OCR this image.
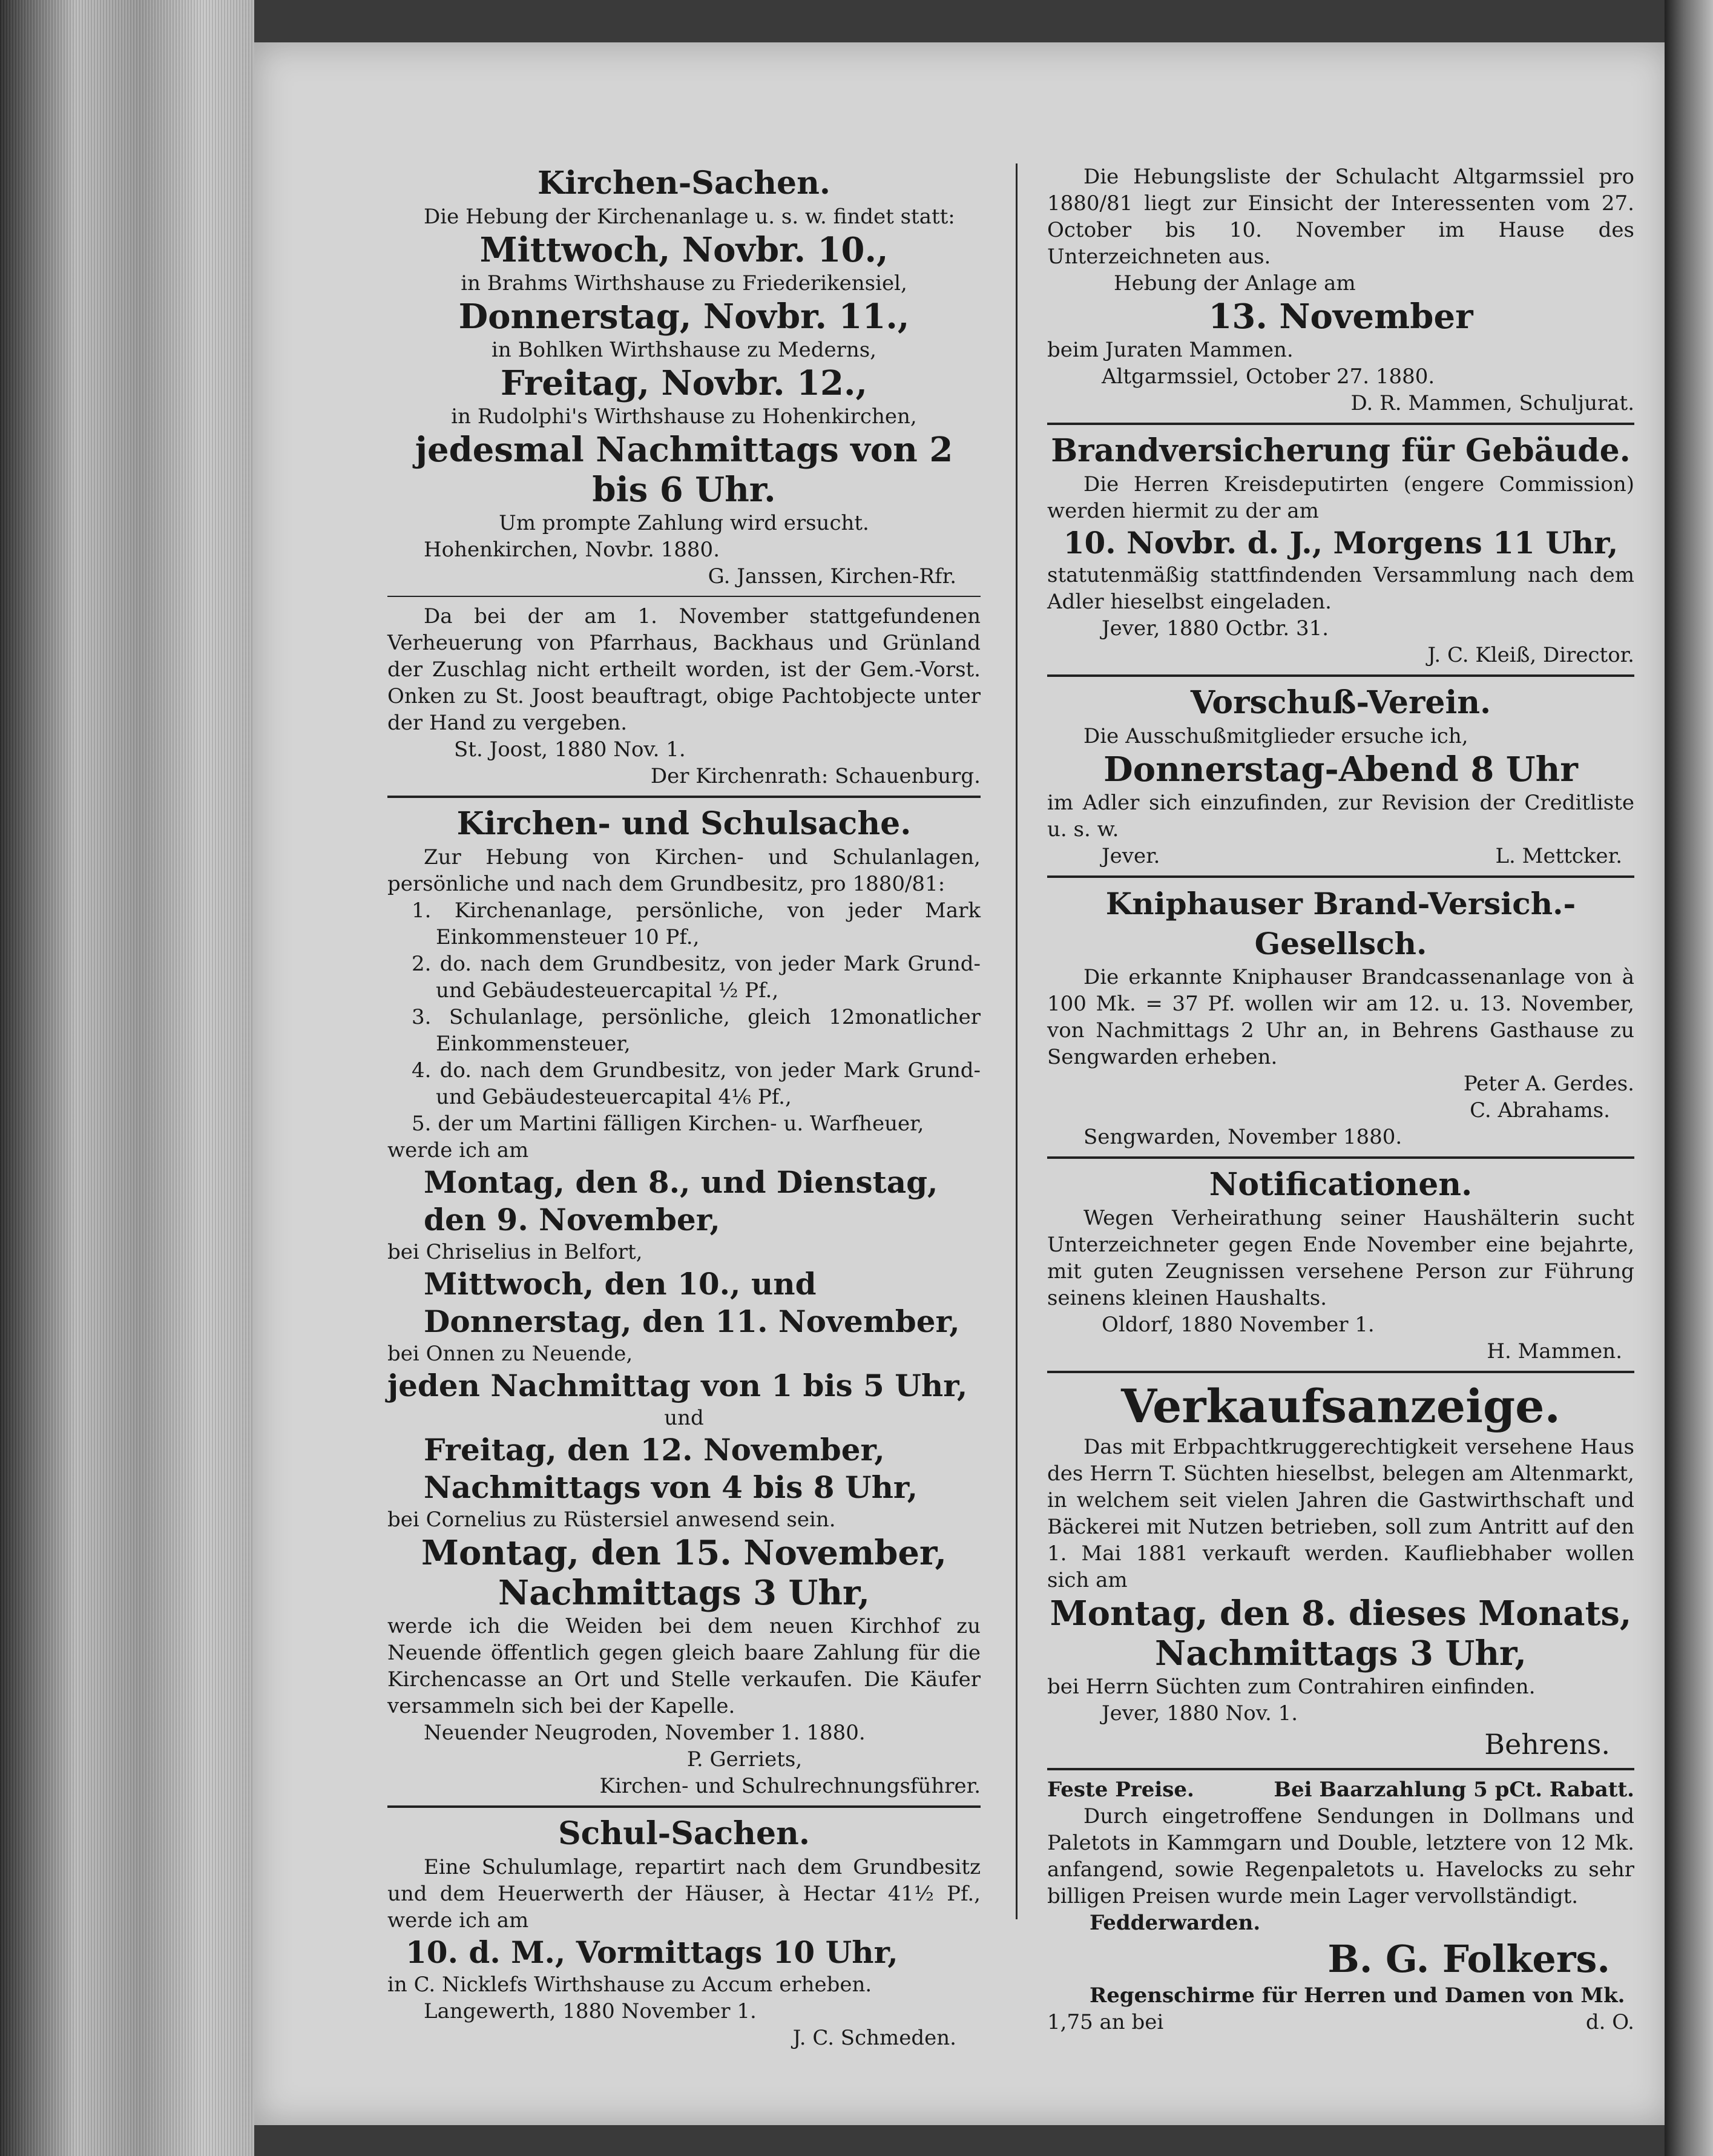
Kirchen-Sachen.
Die Hebung der Kirchenanlage u. s. w. findet statt:
Mittwoch, Novbr. 10.,
in Brahms Wirthshause zu Friederikensiel,
Donnerstag, Novbr. 11.,
in Bohlken Wirthshause zu Mederns,
Freitag, Novbr. 12.,
in Rudolphi's Wirthshause zu Hohenkirchen,
jedesmal Nachmittags von 2 bis 6 Uhr.
Um prompte Zahlung wird ersucht.
Hohenkirchen, Novbr. 1880.
G. Janssen, Kirchen-Rfr.
Da bei der am 1. November stattgefundenen Verheuerung von Pfarrhaus, Backhaus und Grünland der Zuschlag nicht ertheilt worden, ist der Gem.-Vorst. Onken zu St. Joost beauftragt, obige Pachtobjecte unter der Hand zu vergeben.
St. Joost, 1880 Nov. 1.
Der Kirchenrath: Schauenburg.
Kirchen- und Schulsache.
Zur Hebung von Kirchen- und Schulanlagen, persönliche und nach dem Grundbesitz, pro 1880/81:
1. Kirchenanlage, persönliche, von jeder Mark Einkommensteuer 10 Pf.,
2. do. nach dem Grundbesitz, von jeder Mark Grund- und Gebäudesteuercapital ½ Pf.,
3. Schulanlage, persönliche, gleich 12monatlicher Einkommensteuer,
4. do. nach dem Grundbesitz, von jeder Mark Grund- und Gebäudesteuercapital 4⅙ Pf.,
5. der um Martini fälligen Kirchen- u. Warfheuer,
werde ich am
Montag, den 8., und Dienstag, den 9. November,
bei Chriselius in Belfort,
Mittwoch, den 10., und Donnerstag, den 11. November,
bei Onnen zu Neuende,
jeden Nachmittag von 1 bis 5 Uhr,
und
Freitag, den 12. November, Nachmittags von 4 bis 8 Uhr,
bei Cornelius zu Rüstersiel anwesend sein.
Montag, den 15. November,
Nachmittags 3 Uhr,
werde ich die Weiden bei dem neuen Kirchhof zu Neuende öffentlich gegen gleich baare Zahlung für die Kirchencasse an Ort und Stelle verkaufen. Die Käufer versammeln sich bei der Kapelle.
Neuender Neugroden, November 1. 1880.
P. Gerriets,
Kirchen- und Schulrechnungsführer.
Schul-Sachen.
Eine Schulumlage, repartirt nach dem Grundbesitz und dem Heuerwerth der Häuser, à Hectar 41½ Pf., werde ich am
10. d. M., Vormittags 10 Uhr,
in C. Nicklefs Wirthshause zu Accum erheben.
Langewerth, 1880 November 1.
J. C. Schmeden.
Die Hebungsliste der Schulacht Altgarmssiel pro 1880/81 liegt zur Einsicht der Interessenten vom 27. October bis 10. November im Hause des Unterzeichneten aus.
Hebung der Anlage am
13. November
beim Juraten Mammen.
Altgarmssiel, October 27. 1880.
D. R. Mammen, Schuljurat.
Brandversicherung für Gebäude.
Die Herren Kreisdeputirten (engere Commission) werden hiermit zu der am
10. Novbr. d. J., Morgens 11 Uhr,
statutenmäßig stattfindenden Versammlung nach dem Adler hieselbst eingeladen.
Jever, 1880 Octbr. 31.
J. C. Kleiß, Director.
Vorschuß-Verein.
Die Ausschußmitglieder ersuche ich,
Donnerstag-Abend 8 Uhr
im Adler sich einzufinden, zur Revision der Creditliste u. s. w.
Jever.	L. Mettcker.
Kniphauser Brand-Versich.-Gesellsch.
Die erkannte Kniphauser Brandcassenanlage von à 100 Mk. = 37 Pf. wollen wir am 12. u. 13. November, von Nachmittags 2 Uhr an, in Behrens Gasthause zu Sengwarden erheben.
Peter A. Gerdes.
C. Abrahams.
Sengwarden, November 1880.
Notificationen.
Wegen Verheirathung seiner Haushälterin sucht Unterzeichneter gegen Ende November eine bejahrte, mit guten Zeugnissen versehene Person zur Führung seinens kleinen Haushalts.
Oldorf, 1880 November 1.
H. Mammen.
Verkaufsanzeige.
Das mit Erbpachtkruggerechtigkeit versehene Haus des Herrn T. Süchten hieselbst, belegen am Altenmarkt, in welchem seit vielen Jahren die Gastwirthschaft und Bäckerei mit Nutzen betrieben, soll zum Antritt auf den 1. Mai 1881 verkauft werden. Kaufliebhaber wollen sich am
Montag, den 8. dieses Monats,
Nachmittags 3 Uhr,
bei Herrn Süchten zum Contrahiren einfinden.
Jever, 1880 Nov. 1.
Behrens.
Feste Preise.	Bei Baarzahlung 5 pCt. Rabatt.
Durch eingetroffene Sendungen in Dollmans und Paletots in Kammgarn und Double, letztere von 12 Mk. anfangend, sowie Regenpaletots u. Havelocks zu sehr billigen Preisen wurde mein Lager vervollständigt.
Fedderwarden.
B. G. Folkers.
Regenschirme für Herren und Damen von Mk.
1,75 an bei	d. O.
